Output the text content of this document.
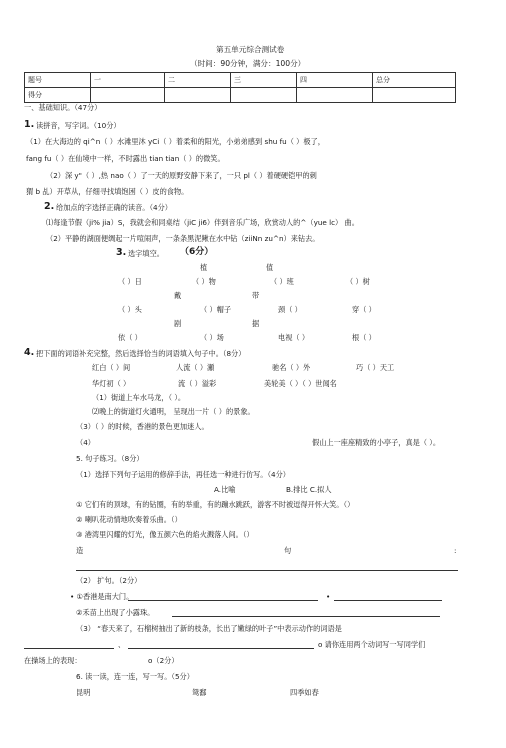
第五单元综合测试卷
（时间：90分钟，满分：100分）
题号	一	二	三	四	总分
得分					
一、基础知识。（47分）
1. 读拼音，写字词。（10分）
（1）在大海边的 qi^n（ ）水滩里沐 yCi（ ）着柔和的阳光，小弟弟感到 shu fu（ ）极了，
fang fu（ ）在仙境中一样，不时露出 tian tian（ ）的微笑。
（2）深 y"（ ）,热 nao（ ）了一天的原野安静下来了，一只 pl（ ）着硬硬铠甲的刺
猬 b 乩）开草从，仔细寻找填饱困（ ）皮的食物。
2. 给加点的字选择正确的读音。（4分）
⑴每逢节假（ji% jia）S，我就会和同桌结（jiC ji6）伴到音乐广场，欣赏动人的^（yue lc） 曲。
（2）平静的湖面便绸起一片喧闹声，一条条黑泥鳅在水中钻（ziiNn zu^n）来钻去。
3. 选字填空。 （6分）
植	值
（ ）日	（ ）物	（ ）班	（ ）树
戴	带
（ ）头	（ ）帽子	颈（ ）	穿（ ）
剧	据
依（ ）	（ ）场	电视（ ）	根（ ）
4. 把下面的词语补充完整，然后选择恰当的词语填入句子中。（8分）
红白（ ）间	人流（ ）瀬	驰名（ ）外	巧（ ）天工
华灯初（ ）	流（ ）溢彩	美轮美（ ）（ ）世闻名
（1）街道上车水马龙，（ ）。
⑵晚上的街道灯火通明， 呈现出一片（ ）的景象。
（3）（ ）的时候，香港的景色更加迷人。
（4）	假山上一座座精致的小亭子，真是（ ）。
5. 句子练习。（8分）
（1）选择下列句子运用的修辞手法，再任选一种进行仿写。（4分）
A.比喻	B.排比 C.拟人
① 它们有的顶球，有的钻圈，有的举重，有的蹦水跳跃，游客不时被逗得开怀大笑。（）
② 喇叭花动情地吹奏着乐曲。（）
③ 港湾里闪耀的灯光，像五颜六色的焰火溅落人间。（）
造	句	:
（2） 扩句。（2分）
• ①香港是南大门。	•
②禾苗上出现了小露珠。
（3） “春天来了，石榴树抽出了新的枝条，长出了嫩绿的叶子”中表示动作的词语是
、	o 请你连用两个动词写一写同学们
在操场上的表现：	o（2分）
6. 读一读，连一连，写一写。（5分）
昆明	鸳鄱	四季如春
